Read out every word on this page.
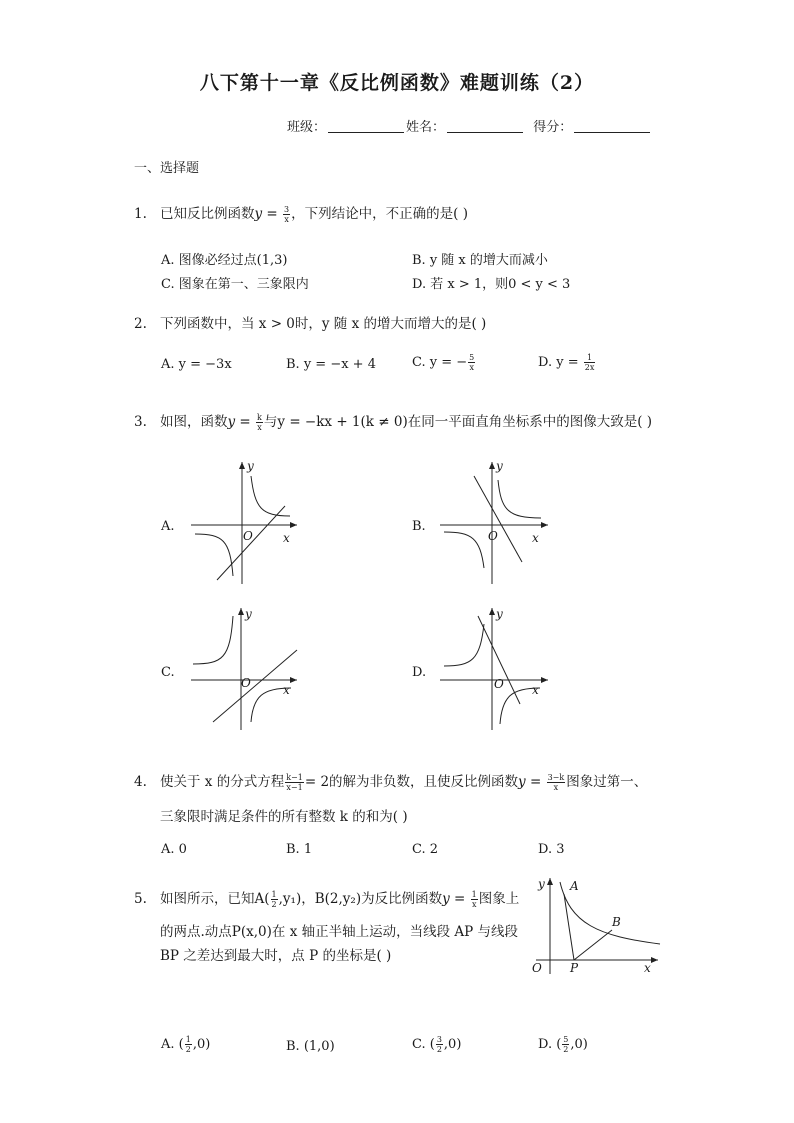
八下第十一章《反比例函数》难题训练（2）
班级：	姓名：	得分：
一、选择题
1. 已知反比例函数$y = \frac{3}{x}$ ，下列结论中，不正确的是( )
A. 图像必经过点(1,3)	B. y 随 x 的增大而减小
C. 图象在第一、三象限内	D. 若 x > 1，则0 < y < 3
2. 下列函数中，当 x > 0时，y 随 x 的增大而增大的是( )
A. y = −3x	B. y = −x + 4	C. y = − $\frac{5}{x}$	D. $y = \frac{1}{2x}$
3. 如图，函数$y = \frac{k}{x}$ 与y = −kx + 1(k ≠ 0)在同一平面直角坐标系中的图像大致是( )
A.	B.
C.	D.
y
x
O
y
x
O
y
x
O
y
x
O
4. 使关于 x 的分式方程 $\frac{k-1}{x-1} = 2$的解为非负数，且使反比例函数$y = \frac{3-k}{x}$ 图象过第一、
三象限时满足条件的所有整数 k 的和为( )
A. 0	B. 1	C. 2	D. 3
5. 如图所示，已知$A( \frac{1}{2} ,y_1)$，B(2,y₂)为反比例函数$y = \frac{1}{x}$ 图象上
的两点.动点P(x,0)在 x 轴正半轴上运动，当线段 AP 与线段
BP 之差达到最大时，点 P 的坐标是( )
y A
B
O P	x
A. ( $\frac{1}{2} ,0$)	B. (1,0)	C. ( $\frac{3}{2} ,0$)	D. ( $\frac{5}{2} ,0$)
